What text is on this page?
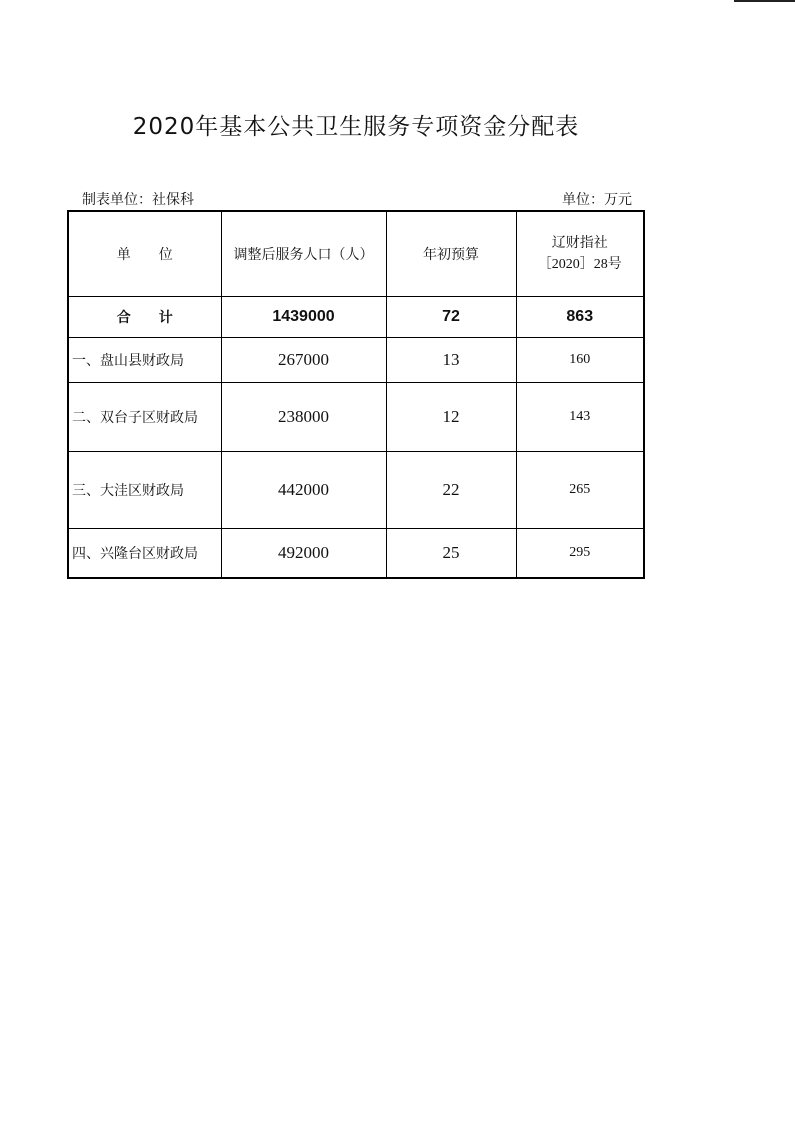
2020年基本公共卫生服务专项资金分配表
制表单位：社保科	单位：万元
单　　位	调整后服务人口（人）	年初预算	辽财指社
［2020］28号

合　　计	1439000	72	863
一、盘山县财政局	267000	13	160
二、双台子区财政局	238000	12	143
三、大洼区财政局	442000	22	265
四、兴隆台区财政局	492000	25	295
